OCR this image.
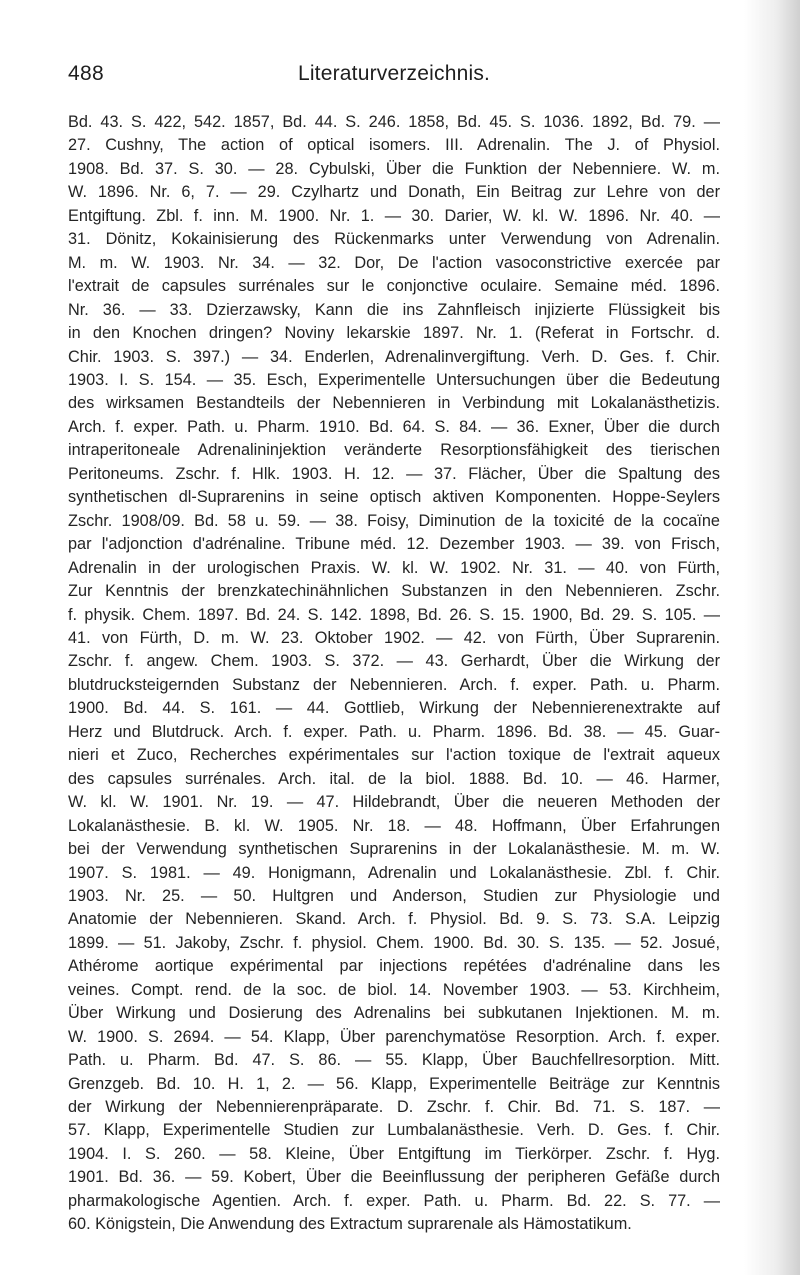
488	Literaturverzeichnis.
Bd. 43. S. 422, 542. 1857, Bd. 44. S. 246. 1858, Bd. 45. S. 1036. 1892, Bd. 79. —
27. Cushny, The action of optical isomers. III. Adrenalin. The J. of Physiol.
1908. Bd. 37. S. 30. — 28. Cybulski, Über die Funktion der Nebenniere. W. m.
W. 1896. Nr. 6, 7. — 29. Czylhartz und Donath, Ein Beitrag zur Lehre von der
Entgiftung. Zbl. f. inn. M. 1900. Nr. 1. — 30. Darier, W. kl. W. 1896. Nr. 40. —
31. Dönitz, Kokainisierung des Rückenmarks unter Verwendung von Adrenalin.
M. m. W. 1903. Nr. 34. — 32. Dor, De l'action vasoconstrictive exercée par
l'extrait de capsules surrénales sur le conjonctive oculaire. Semaine méd. 1896.
Nr. 36. — 33. Dzierzawsky, Kann die ins Zahnfleisch injizierte Flüssigkeit bis
in den Knochen dringen? Noviny lekarskie 1897. Nr. 1. (Referat in Fortschr. d.
Chir. 1903. S. 397.) — 34. Enderlen, Adrenalinvergiftung. Verh. D. Ges. f. Chir.
1903. I. S. 154. — 35. Esch, Experimentelle Untersuchungen über die Bedeutung
des wirksamen Bestandteils der Nebennieren in Verbindung mit Lokalanästhetizis.
Arch. f. exper. Path. u. Pharm. 1910. Bd. 64. S. 84. — 36. Exner, Über die durch
intraperitoneale Adrenalininjektion veränderte Resorptionsfähigkeit des tierischen
Peritoneums. Zschr. f. Hlk. 1903. H. 12. — 37. Flächer, Über die Spaltung des
synthetischen dl-Suprarenins in seine optisch aktiven Komponenten. Hoppe-Seylers
Zschr. 1908/09. Bd. 58 u. 59. — 38. Foisy, Diminution de la toxicité de la cocaïne
par l'adjonction d'adrénaline. Tribune méd. 12. Dezember 1903. — 39. von Frisch,
Adrenalin in der urologischen Praxis. W. kl. W. 1902. Nr. 31. — 40. von Fürth,
Zur Kenntnis der brenzkatechinähnlichen Substanzen in den Nebennieren. Zschr.
f. physik. Chem. 1897. Bd. 24. S. 142. 1898, Bd. 26. S. 15. 1900, Bd. 29. S. 105. —
41. von Fürth, D. m. W. 23. Oktober 1902. — 42. von Fürth, Über Suprarenin.
Zschr. f. angew. Chem. 1903. S. 372. — 43. Gerhardt, Über die Wirkung der
blutdrucksteigernden Substanz der Nebennieren. Arch. f. exper. Path. u. Pharm.
1900. Bd. 44. S. 161. — 44. Gottlieb, Wirkung der Nebennierenextrakte auf
Herz und Blutdruck. Arch. f. exper. Path. u. Pharm. 1896. Bd. 38. — 45. Guar-
nieri et Zuco, Recherches expérimentales sur l'action toxique de l'extrait aqueux
des capsules surrénales. Arch. ital. de la biol. 1888. Bd. 10. — 46. Harmer,
W. kl. W. 1901. Nr. 19. — 47. Hildebrandt, Über die neueren Methoden der
Lokalanästhesie. B. kl. W. 1905. Nr. 18. — 48. Hoffmann, Über Erfahrungen
bei der Verwendung synthetischen Suprarenins in der Lokalanästhesie. M. m. W.
1907. S. 1981. — 49. Honigmann, Adrenalin und Lokalanästhesie. Zbl. f. Chir.
1903. Nr. 25. — 50. Hultgren und Anderson, Studien zur Physiologie und
Anatomie der Nebennieren. Skand. Arch. f. Physiol. Bd. 9. S. 73. S.A. Leipzig
1899. — 51. Jakoby, Zschr. f. physiol. Chem. 1900. Bd. 30. S. 135. — 52. Josué,
Athérome aortique expérimental par injections repétées d'adrénaline dans les
veines. Compt. rend. de la soc. de biol. 14. November 1903. — 53. Kirchheim,
Über Wirkung und Dosierung des Adrenalins bei subkutanen Injektionen. M. m.
W. 1900. S. 2694. — 54. Klapp, Über parenchymatöse Resorption. Arch. f. exper.
Path. u. Pharm. Bd. 47. S. 86. — 55. Klapp, Über Bauchfellresorption. Mitt.
Grenzgeb. Bd. 10. H. 1, 2. — 56. Klapp, Experimentelle Beiträge zur Kenntnis
der Wirkung der Nebennierenpräparate. D. Zschr. f. Chir. Bd. 71. S. 187. —
57. Klapp, Experimentelle Studien zur Lumbalanästhesie. Verh. D. Ges. f. Chir.
1904. I. S. 260. — 58. Kleine, Über Entgiftung im Tierkörper. Zschr. f. Hyg.
1901. Bd. 36. — 59. Kobert, Über die Beeinflussung der peripheren Gefäße durch
pharmakologische Agentien. Arch. f. exper. Path. u. Pharm. Bd. 22. S. 77. —
60. Königstein, Die Anwendung des Extractum suprarenale als Hämostatikum.
